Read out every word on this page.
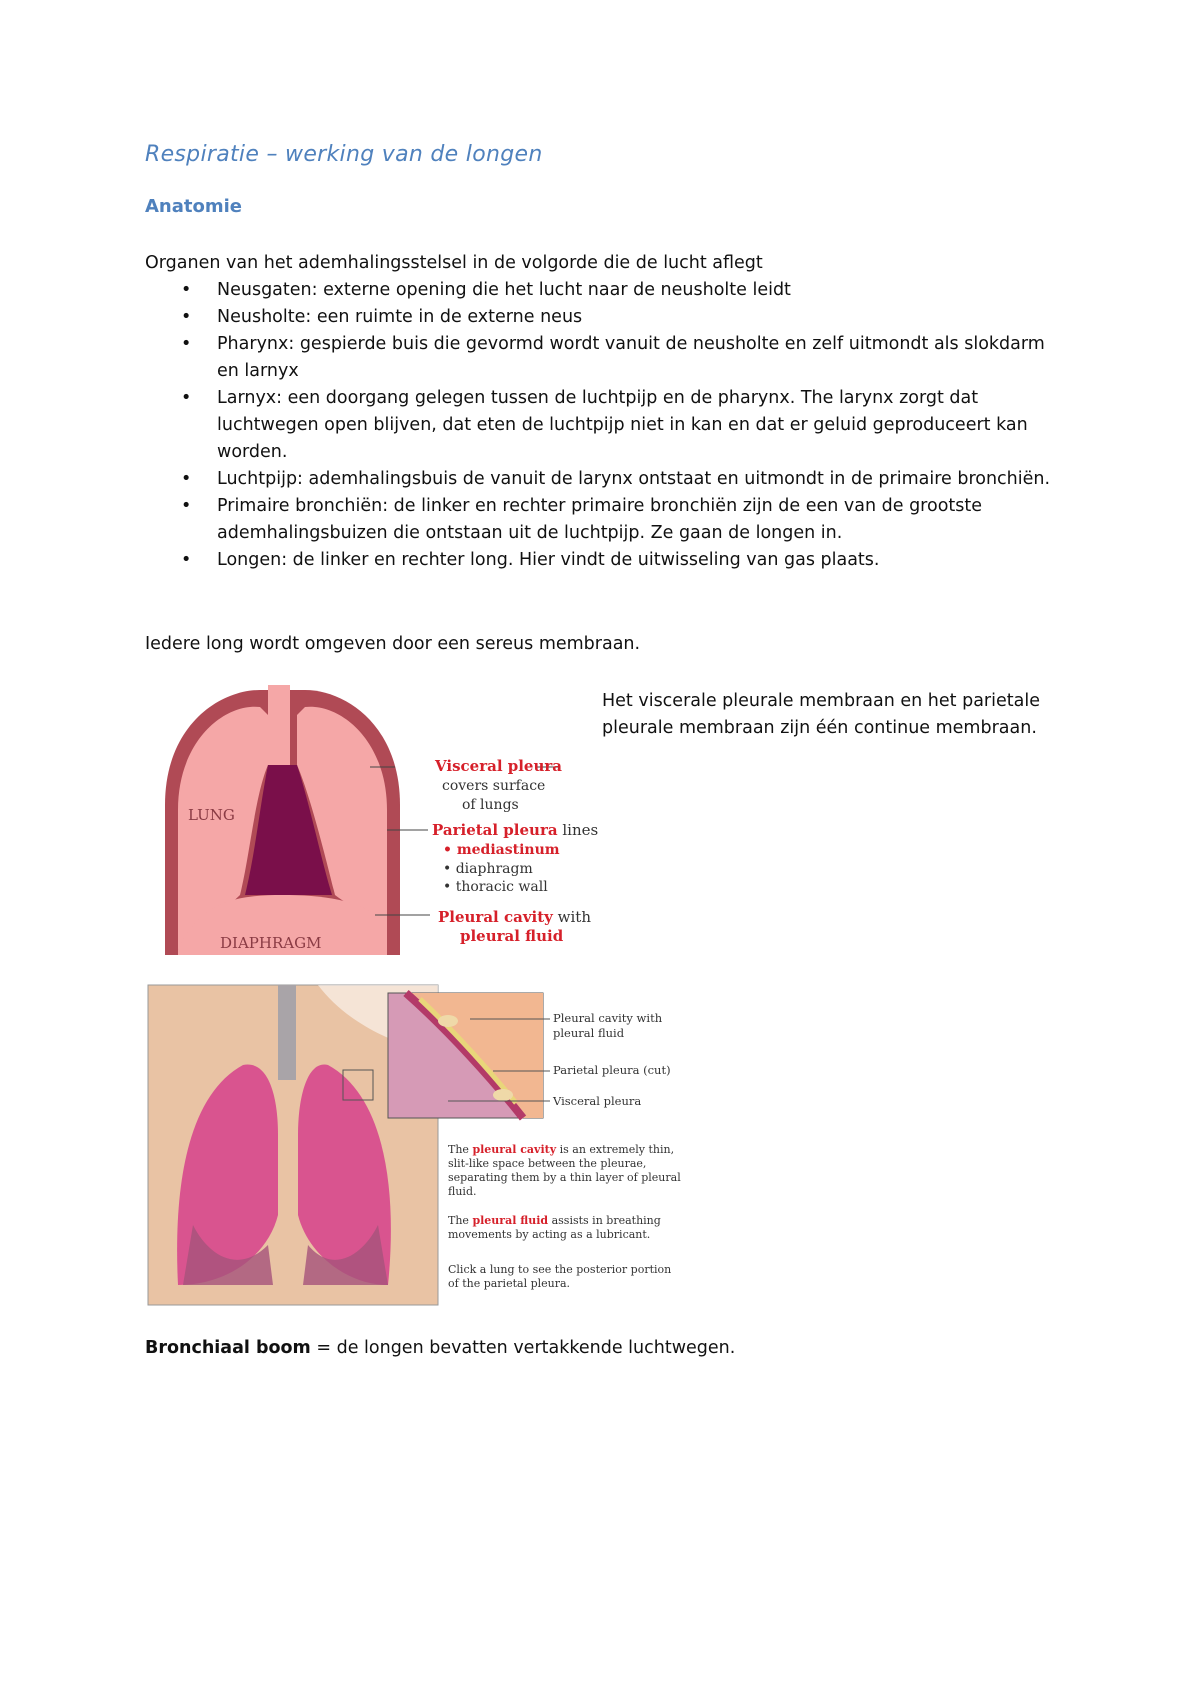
Respiratie – werking van de longen
Anatomie
Organen van het ademhalingsstelsel in de volgorde die de lucht aflegt
• Neusgaten: externe opening die het lucht naar de neusholte leidt
• Neusholte: een ruimte in de externe neus
• Pharynx: gespierde buis die gevormd wordt vanuit de neusholte en zelf uitmondt als slokdarm en larnyx
• Larnyx: een doorgang gelegen tussen de luchtpijp en de pharynx. The larynx zorgt dat luchtwegen open blijven, dat eten de luchtpijp niet in kan en dat er geluid geproduceert kan worden.
• Luchtpijp: ademhalingsbuis de vanuit de larynx ontstaat en uitmondt in de primaire bronchiën.
• Primaire bronchiën: de linker en rechter primaire bronchiën zijn de een van de grootste ademhalingsbuizen die ontstaan uit de luchtpijp. Ze gaan de longen in.
• Longen: de linker en rechter long. Hier vindt de uitwisseling van gas plaats.
Iedere long wordt omgeven door een sereus membraan.
LUNG
DIAPHRAGM
Visceral pleura
covers surface
of lungs
Parietal pleura lines
• mediastinum
• diaphragm
• thoracic wall
Pleural cavity with
pleural fluid
Het viscerale pleurale membraan en het parietale pleurale membraan zijn één continue membraan.
Pleural cavity with
pleural fluid
Parietal pleura (cut)
Visceral pleura
The pleural cavity is an extremely thin,
slit-like space between the pleurae,
separating them by a thin layer of pleural
fluid.
The pleural fluid assists in breathing
movements by acting as a lubricant.
Click a lung to see the posterior portion
of the parietal pleura.
Bronchiaal boom = de longen bevatten vertakkende luchtwegen.
